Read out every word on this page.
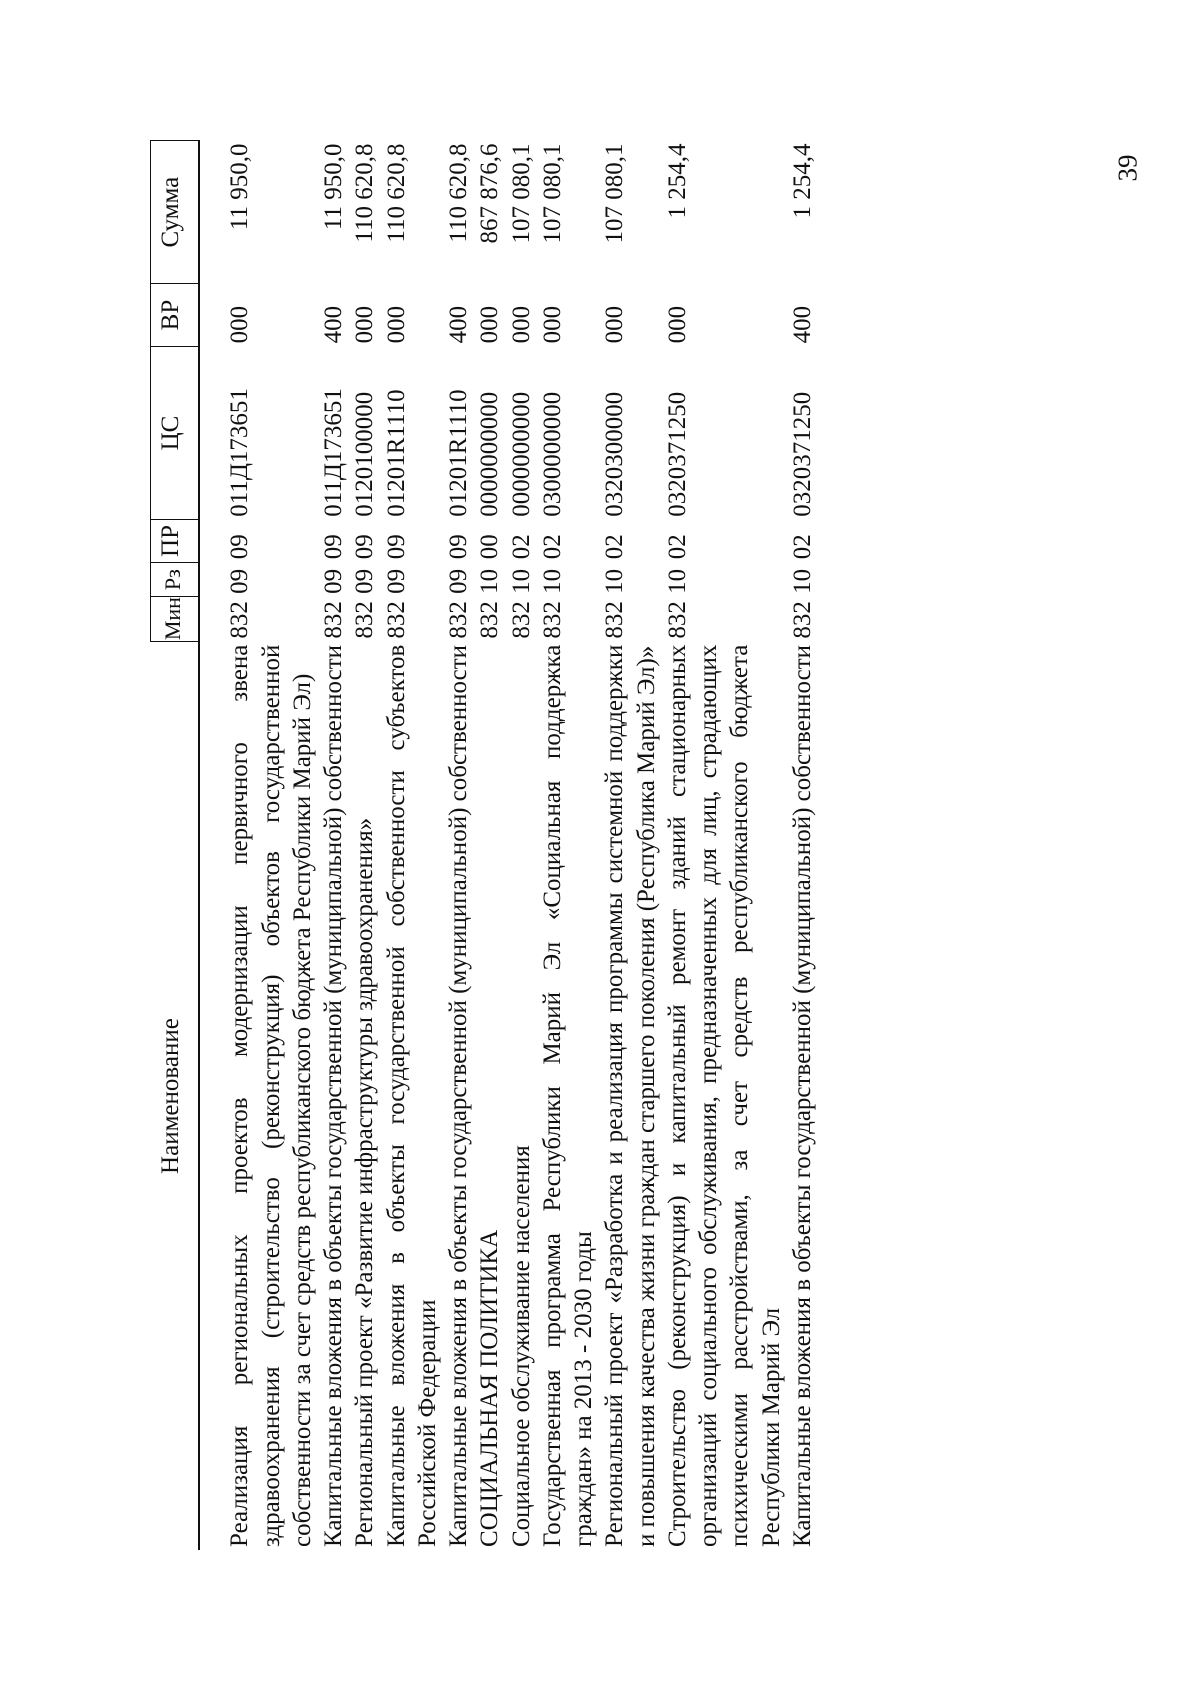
39
Наименование	Мин	Рз	ПР	ЦС	ВР	Сумма
Реализация региональных проектов модернизации первичного звена здравоохранения (строительство (реконструкция) объектов государственной собственности за счет средств республиканского бюджета Республики Марий Эл)	832	09	09	011Д173651	000	11 950,0
Капитальные вложения в объекты государственной (муниципальной) собственности	832	09	09	011Д173651	400	11 950,0
Региональный проект «Развитие инфраструктуры здравоохранения»	832	09	09	0120100000	000	110 620,8
Капитальные вложения в объекты государственной собственности субъектов Российской Федерации	832	09	09	01201R1110	000	110 620,8
Капитальные вложения в объекты государственной (муниципальной) собственности	832	09	09	01201R1110	400	110 620,8
СОЦИАЛЬНАЯ ПОЛИТИКА	832	10	00	0000000000	000	867 876,6
Социальное обслуживание населения	832	10	02	0000000000	000	107 080,1
Государственная программа Республики Марий Эл «Социальная поддержка граждан» на 2013 - 2030 годы	832	10	02	0300000000	000	107 080,1
Региональный проект «Разработка и реализация программы системной поддержки и повышения качества жизни граждан старшего поколения (Республика Марий Эл)»	832	10	02	0320300000	000	107 080,1
Строительство (реконструкция) и капитальный ремонт зданий стационарных организаций социального обслуживания, предназначенных для лиц, страдающих психическими расстройствами, за счет средств республиканского бюджета Республики Марий Эл	832	10	02	0320371250	000	1 254,4
Капитальные вложения в объекты государственной (муниципальной) собственности	832	10	02	0320371250	400	1 254,4
